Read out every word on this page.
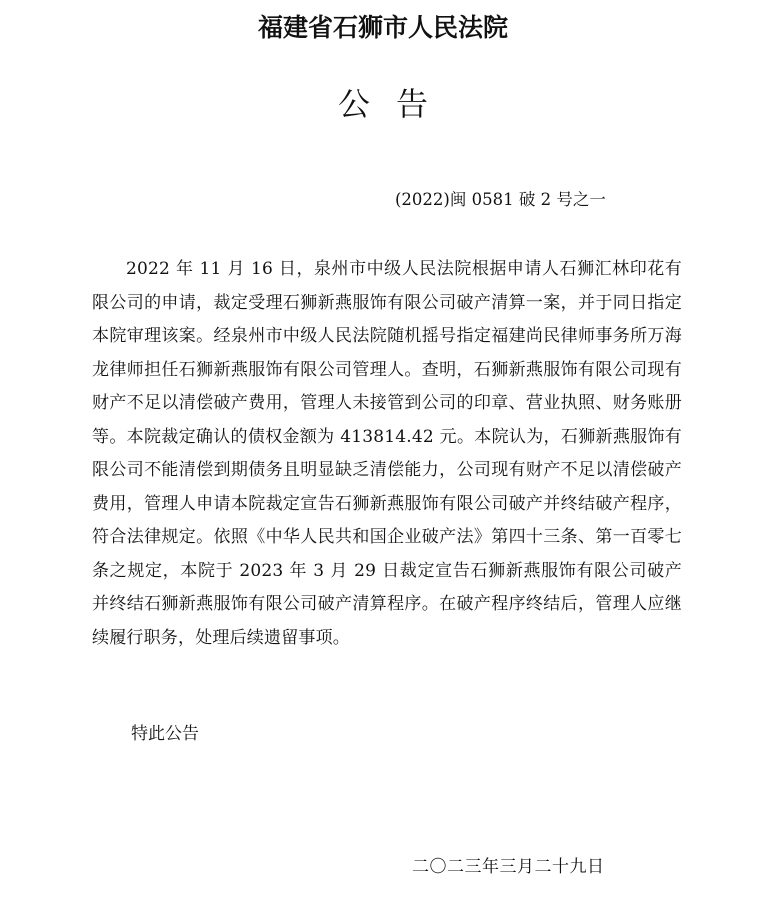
福建省石狮市人民法院
公告
(2022)闽 0581 破 2 号之一
2022 年 11 月 16 日，泉州市中级人民法院根据申请人石狮汇林印花有限公司的申请，裁定受理石狮新燕服饰有限公司破产清算一案，并于同日指定本院审理该案。经泉州市中级人民法院随机摇号指定福建尚民律师事务所万海龙律师担任石狮新燕服饰有限公司管理人。查明，石狮新燕服饰有限公司现有财产不足以清偿破产费用，管理人未接管到公司的印章、营业执照、财务账册等。本院裁定确认的债权金额为 413814.42 元。本院认为，石狮新燕服饰有限公司不能清偿到期债务且明显缺乏清偿能力，公司现有财产不足以清偿破产费用，管理人申请本院裁定宣告石狮新燕服饰有限公司破产并终结破产程序，符合法律规定。依照《中华人民共和国企业破产法》第四十三条、第一百零七条之规定，本院于 2023 年 3 月 29 日裁定宣告石狮新燕服饰有限公司破产并终结石狮新燕服饰有限公司破产清算程序。在破产程序终结后，管理人应继续履行职务，处理后续遗留事项。
特此公告
二〇二三年三月二十九日
